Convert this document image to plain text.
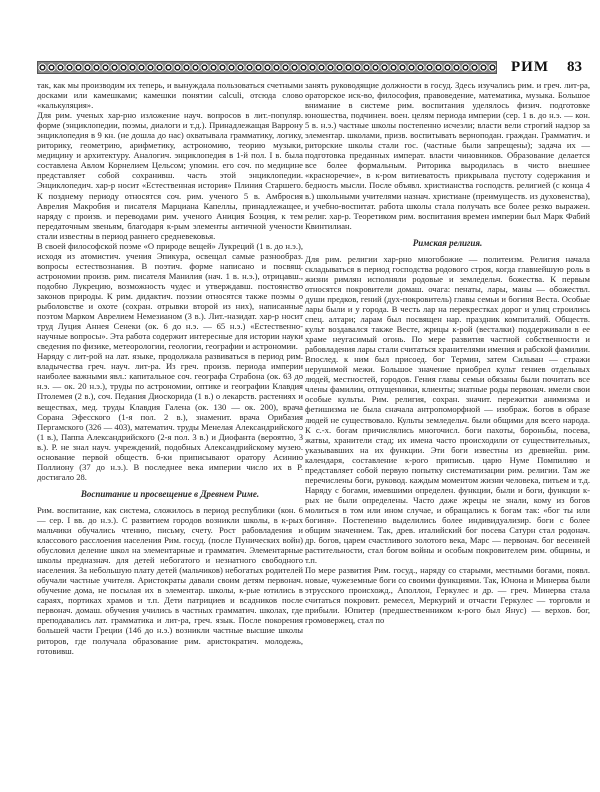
РИМ 83

так, как мы производим их теперь, и вынуждала пользоваться счетными досками или камешками; камешки понятии calculi, отсюда слово «калькуляция».

Для рим. ученых хар-рно изложение науч. вопросов в лит.-популяр. форме (энциклопедии, поэмы, диалоги и т.д.). Принадлежащая Варрону энциклопедия в 9 кн. (не дошла до нас) охватывала грамматику, логику, риторику, геометрию, арифметику, астрономию, теорию музыки, медицину и архитектуру. Аналогич. энциклопедия в 1-й пол. I в. была составлена Авлом Корнелием Цельсом; упомин. его соч. по медицине представляет собой сохранивш. часть этой энциклопедии. Энциклопедич. хар-р носит «Естественная история» Плиния Старшего. К позднему периоду относятся соч. рим. ученого 5 в. Амбросия Аврелия Макробия и писателя Марциана Капеллы, принадлежащее, наряду с произв. и переводами рим. ученого Аниция Боэция, к тем передаточным звеньям, благодаря к-рым элементы античной учености стали известны в период раннего средневековья.

В своей философской поэме «О природе вещей» Лукреций (1 в. до н.э.), исходя из атомистич. учения Эпикура, освещал самые разнообраз. вопросы естествознания. В поэтич. форме написано и посвящ. астрономии произв. рим. писателя Манилия (нач. 1 в. н.э.), отрицавш., подобно Лукрецию, возможность чудес и утверждавш. постоянство законов природы. К рим. дидактич. поэзии относятся также поэмы о рыболовстве и охоте (сохран. отрывки второй из них), написанные поэтом Марком Аврелием Немезианом (3 в.). Лит.-назидат. хар-р носит труд Луция Аннея Сенеки (ок. 6 до н.э. — 65 н.э.) «Естественно-научные вопросы». Эта работа содержит интересные для истории науки сведения по физике, метеорологии, геологии, географии и астрономии.

Наряду с лит-рой на лат. языке, продолжала развиваться в период рим. владычества греч. науч. лит-ра. Из греч. произв. периода империи наиболее важными явл.: капитальное соч. географа Страбона (ок. 63 до н.э. — ок. 20 н.э.), труды по астрономии, оптике и географии Клавдия Птолемея (2 в.), соч. Педания Диоскорида (1 в.) о лекарств. растениях и веществах, мед. труды Клавдия Галена (ок. 130 — ок. 200), врача Сорана Эфесского (1-я пол. 2 в.), знаменит. врача Орибазия Пергамского (326 — 403), математич. труды Менелая Александрийского (1 в.), Паппа Александрийского (2-я пол. 3 в.) и Диофанта (вероятно, 3 в.). Р. не знал науч. учреждений, подобных Александрийскому музею. основание первой обществ. б-ки приписывают оратору Асинию Поллиону (37 до н.э.). В последнее века империи число их в Р. достигало 28.

Воспитание и просвещение в Древнем Риме.

Рим. воспитание, как система, сложилось в период республики (кон. 6 — сер. I вв. до н.э.). С развитием городов возникли школы, в к-рых мальчики обучались чтению, письму, счету. Рост рабовладения и классового расслоения населения Рим. госуд. (после Пунических войн) обусловил деление школ на элементарные и грамматич. Элементарные школы предназнач. для детей небогатого и незнатного свободного населения. За небольшую плату детей (мальчиков) небогатых родителей обучали частные учителя. Аристократы давали своим детям первонач. обучение дома, не посылая их в элементар. школы, к-рые ютились в сараях, портиках храмов и т.п. Дети патрициев и всадников после первонач. домаш. обучения учились в частных грамматич. школах, где преподавались лат. грамматика и лит-ра, греч. язык. После покорения большей части Греции (146 до н.э.) возникли частные высшие школы риторов, где получала образование рим. аристократич. молодежь, готовивш.

занять руководящие должности в госуд. Здесь изучались рим. и греч. лит-ра, ораторское иск-во, философия, правоведение, математика, музыка. Большое внимание в системе рим. воспитания уделялось физич. подготовке юношества, подчинен. воен. целям периода империи (сер. 1 в. до н.э. — кон. 5 в. н.э.) частные школы постепенно исчезли; власти вели строгий надзор за элементар. школами, призв. воспитывать верноподан. граждан. Грамматич. и риторские школы стали гос. (частные были запрещены); задача их — подготовка преданных императ. власти чиновников. Образование делается все более формальным. Риторика выродилась в чисто внешнее «красноречие», в к-ром витиеватость прикрывала пустоту содержания и бедность мысли. После объявл. христианства господств. религией (с конца 4 в.) школьными учителями назнач. христиане (преимуществ. из духовенства), и учебно-воспитат. работа школы стала получать все более резко выражен. религ. хар-р. Теоретиком рим. воспитания времен империи был Марк Фабий Квинтилиан.

Римская религия.

Для рим. религии хар-рно многобожие — политеизм. Религия начала складываться в период господства родового строя, когда главнейшую роль в жизни римлян исполняли родовые и земледельч. божества. К первым относятся покровители домаш. очага: пенаты, лары, маны — обожествл. души предков, гений (дух-покровитель) главы семьи и богиня Веста. Особые лары были и у города. В честь лар на перекрестках дорог и улиц строились спец. алтари; ларам был посвящен нар. праздник компиталий. Обществ. культ воздавался также Весте, жрицы к-рой (весталки) поддерживали в ее храме неугасимый огонь. По мере развития частной собственности и рабовладения лары стали считаться хранителями имения и рабской фамилии. Впослед. к ним был присоед. бог Термин, затем Сильван — стражи нерушимой межи. Большое значение приобрел культ гениев отдельных людей, местностей, городов. Гения главы семьи обязаны были почитать все члены фамилии, отпущенники, клиенты; знатные роды первонач. имели свои особые культы. Рим. религия, сохран. значит. пережитки анимизма и фетишизма не была сначала антропоморфной — изображ. богов в образе людей не существовало. Культы земледельч. были общими для всего народа. К с.-х. богам причислялись многочисл. боги пахоты, бороньбы, посева, жатвы, хранители стад; их имена часто происходили от существительных, указывавших на их функции. Эти боги известны из древнейш. рим. календаря, составление к-рого приписыв. царю Нуме Помпилию и представляет собой первую попытку систематизации рим. религии. Там же перечислены боги, руковод. каждым моментом жизни человека, питьем и т.д. Наряду с богами, имевшими определен. функции, были и боги, функции к-рых не были определены. Часто даже жрецы не знали, кому из богов молиться в том или ином случае, и обращались к богам так: «бог ты или богиня». Постепенно выделились более индивидуализир. боги с более общим значением. Так, древ. италийский бог посева Сатурн стал родонач. др. богов, царем счастливого золотого века, Марс — первонач. бог весенней растительности, стал богом войны и особым покровителем рим. общины, и т.п.

По мере развития Рим. госуд., наряду со старыми, местными богами, появл. новые, чужеземные боги со своими функциями. Так, Юнона и Минерва были этрусского происхожд., Аполлон, Геркулес и др. — греч. Минерва стала считаться покровит. ремесел, Меркурий и отчасти Геркулес — торговли и прибыли. Юпитер (предшественником к-рого был Янус) — верхов. бог, громовержец, стал по
